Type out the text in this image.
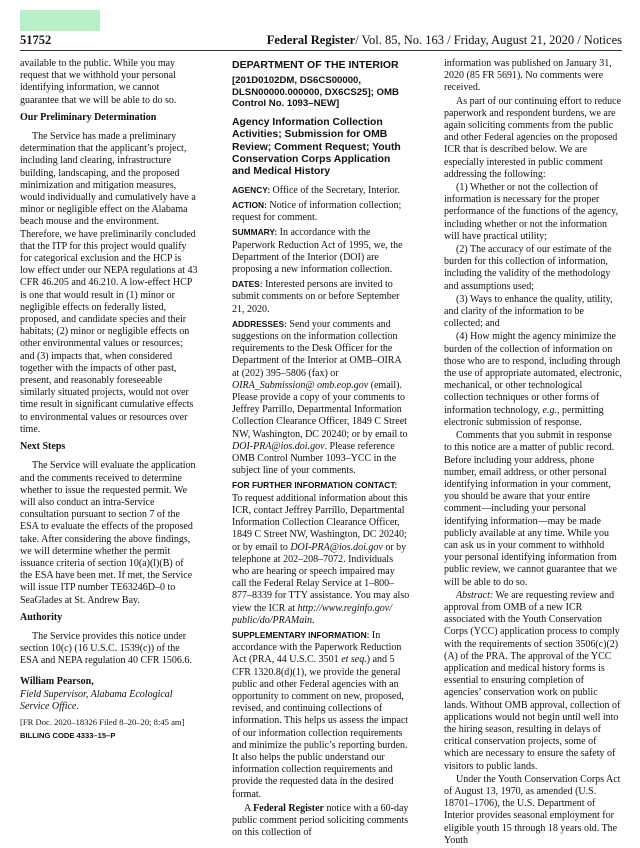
51752	Federal Register/ Vol. 85, No. 163 / Friday, August 21, 2020 / Notices

available to the public. While you may request that we withhold your personal identifying information, we cannot guarantee that we will be able to do so.

Our Preliminary Determination

The Service has made a preliminary determination that the applicant’s project, including land clearing, infrastructure building, landscaping, and the proposed minimization and mitigation measures, would individually and cumulatively have a minor or negligible effect on the Alabama beach mouse and the environment. Therefore, we have preliminarily concluded that the ITP for this project would qualify for categorical exclusion and the HCP is low effect under our NEPA regulations at 43 CFR 46.205 and 46.210. A low-effect HCP is one that would result in (1) minor or negligible effects on federally listed, proposed, and candidate species and their habitats; (2) minor or negligible effects on other environmental values or resources; and (3) impacts that, when considered together with the impacts of other past, present, and reasonably foreseeable similarly situated projects, would not over time result in significant cumulative effects to environmental values or resources over time.

Next Steps

The Service will evaluate the application and the comments received to determine whether to issue the requested permit. We will also conduct an intra-Service consultation pursuant to section 7 of the ESA to evaluate the effects of the proposed take. After considering the above findings, we will determine whether the permit issuance criteria of section 10(a)(l)(B) of the ESA have been met. If met, the Service will issue ITP number TE63246D–0 to SeaGlades at St. Andrew Bay.

Authority

The Service provides this notice under section 10(c) (16 U.S.C. 1539(c)) of the ESA and NEPA regulation 40 CFR 1506.6.

William Pearson,

Field Supervisor, Alabama Ecological Service Office.

[FR Doc. 2020–18326 Filed 8–20–20; 8:45 am]

BILLING CODE 4333–15–P

DEPARTMENT OF THE INTERIOR

[201D0102DM, DS6CS00000, DLSN00000.000000, DX6CS25]; OMB Control No. 1093–NEW]

Agency Information Collection Activities; Submission for OMB Review; Comment Request; Youth Conservation Corps Application and Medical History

AGENCY: Office of the Secretary, Interior.

ACTION: Notice of information collection; request for comment.

SUMMARY: In accordance with the Paperwork Reduction Act of 1995, we, the Department of the Interior (DOI) are proposing a new information collection.

DATES: Interested persons are invited to submit comments on or before September 21, 2020.

ADDRESSES: Send your comments and suggestions on the information collection requirements to the Desk Officer for the Department of the Interior at OMB–OIRA at (202) 395–5806 (fax) or OIRA_Submission@ omb.eop.gov (email). Please provide a copy of your comments to Jeffrey Parrillo, Departmental Information Collection Clearance Officer, 1849 C Street NW, Washington, DC 20240; or by email to DOI-PRA@ios.doi.gov. Please reference OMB Control Number 1093–YCC in the subject line of your comments.

FOR FURTHER INFORMATION CONTACT: To request additional information about this ICR, contact Jeffrey Parrillo, Departmental Information Collection Clearance Officer, 1849 C Street NW, Washington, DC 20240; or by email to DOI-PRA@ios.doi.gov or by telephone at 202–208–7072. Individuals who are hearing or speech impaired may call the Federal Relay Service at 1–800–877–8339 for TTY assistance. You may also view the ICR at http://www.reginfo.gov/ public/do/PRAMain.

SUPPLEMENTARY INFORMATION: In accordance with the Paperwork Reduction Act (PRA, 44 U.S.C. 3501 et seq.) and 5 CFR 1320.8(d)(1), we provide the general public and other Federal agencies with an opportunity to comment on new, proposed, revised, and continuing collections of information. This helps us assess the impact of our information collection requirements and minimize the public’s reporting burden. It also helps the public understand our information collection requirements and provide the requested data in the desired format.

A Federal Register notice with a 60-day public comment period soliciting comments on this collection of

information was published on January 31, 2020 (85 FR 5691). No comments were received.

As part of our continuing effort to reduce paperwork and respondent burdens, we are again soliciting comments from the public and other Federal agencies on the proposed ICR that is described below. We are especially interested in public comment addressing the following:

(1) Whether or not the collection of information is necessary for the proper performance of the functions of the agency, including whether or not the information will have practical utility;

(2) The accuracy of our estimate of the burden for this collection of information, including the validity of the methodology and assumptions used;

(3) Ways to enhance the quality, utility, and clarity of the information to be collected; and

(4) How might the agency minimize the burden of the collection of information on those who are to respond, including through the use of appropriate automated, electronic, mechanical, or other technological collection techniques or other forms of information technology, e.g., permitting electronic submission of response.

Comments that you submit in response to this notice are a matter of public record. Before including your address, phone number, email address, or other personal identifying information in your comment, you should be aware that your entire comment—including your personal identifying information—may be made publicly available at any time. While you can ask us in your comment to withhold your personal identifying information from public review, we cannot guarantee that we will be able to do so.

Abstract: We are requesting review and approval from OMB of a new ICR associated with the Youth Conservation Corps (YCC) application process to comply with the requirements of section 3506(c)(2)(A) of the PRA. The approval of the YCC application and medical history forms is essential to ensuring completion of agencies’ conservation work on public lands. Without OMB approval, collection of applications would not begin until well into the hiring season, resulting in delays of critical conservation projects, some of which are necessary to ensure the safety of visitors to public lands.

Under the Youth Conservation Corps Act of August 13, 1970, as amended (U.S. 18701–1706), the U.S. Department of Interior provides seasonal employment for eligible youth 15 through 18 years old. The Youth
